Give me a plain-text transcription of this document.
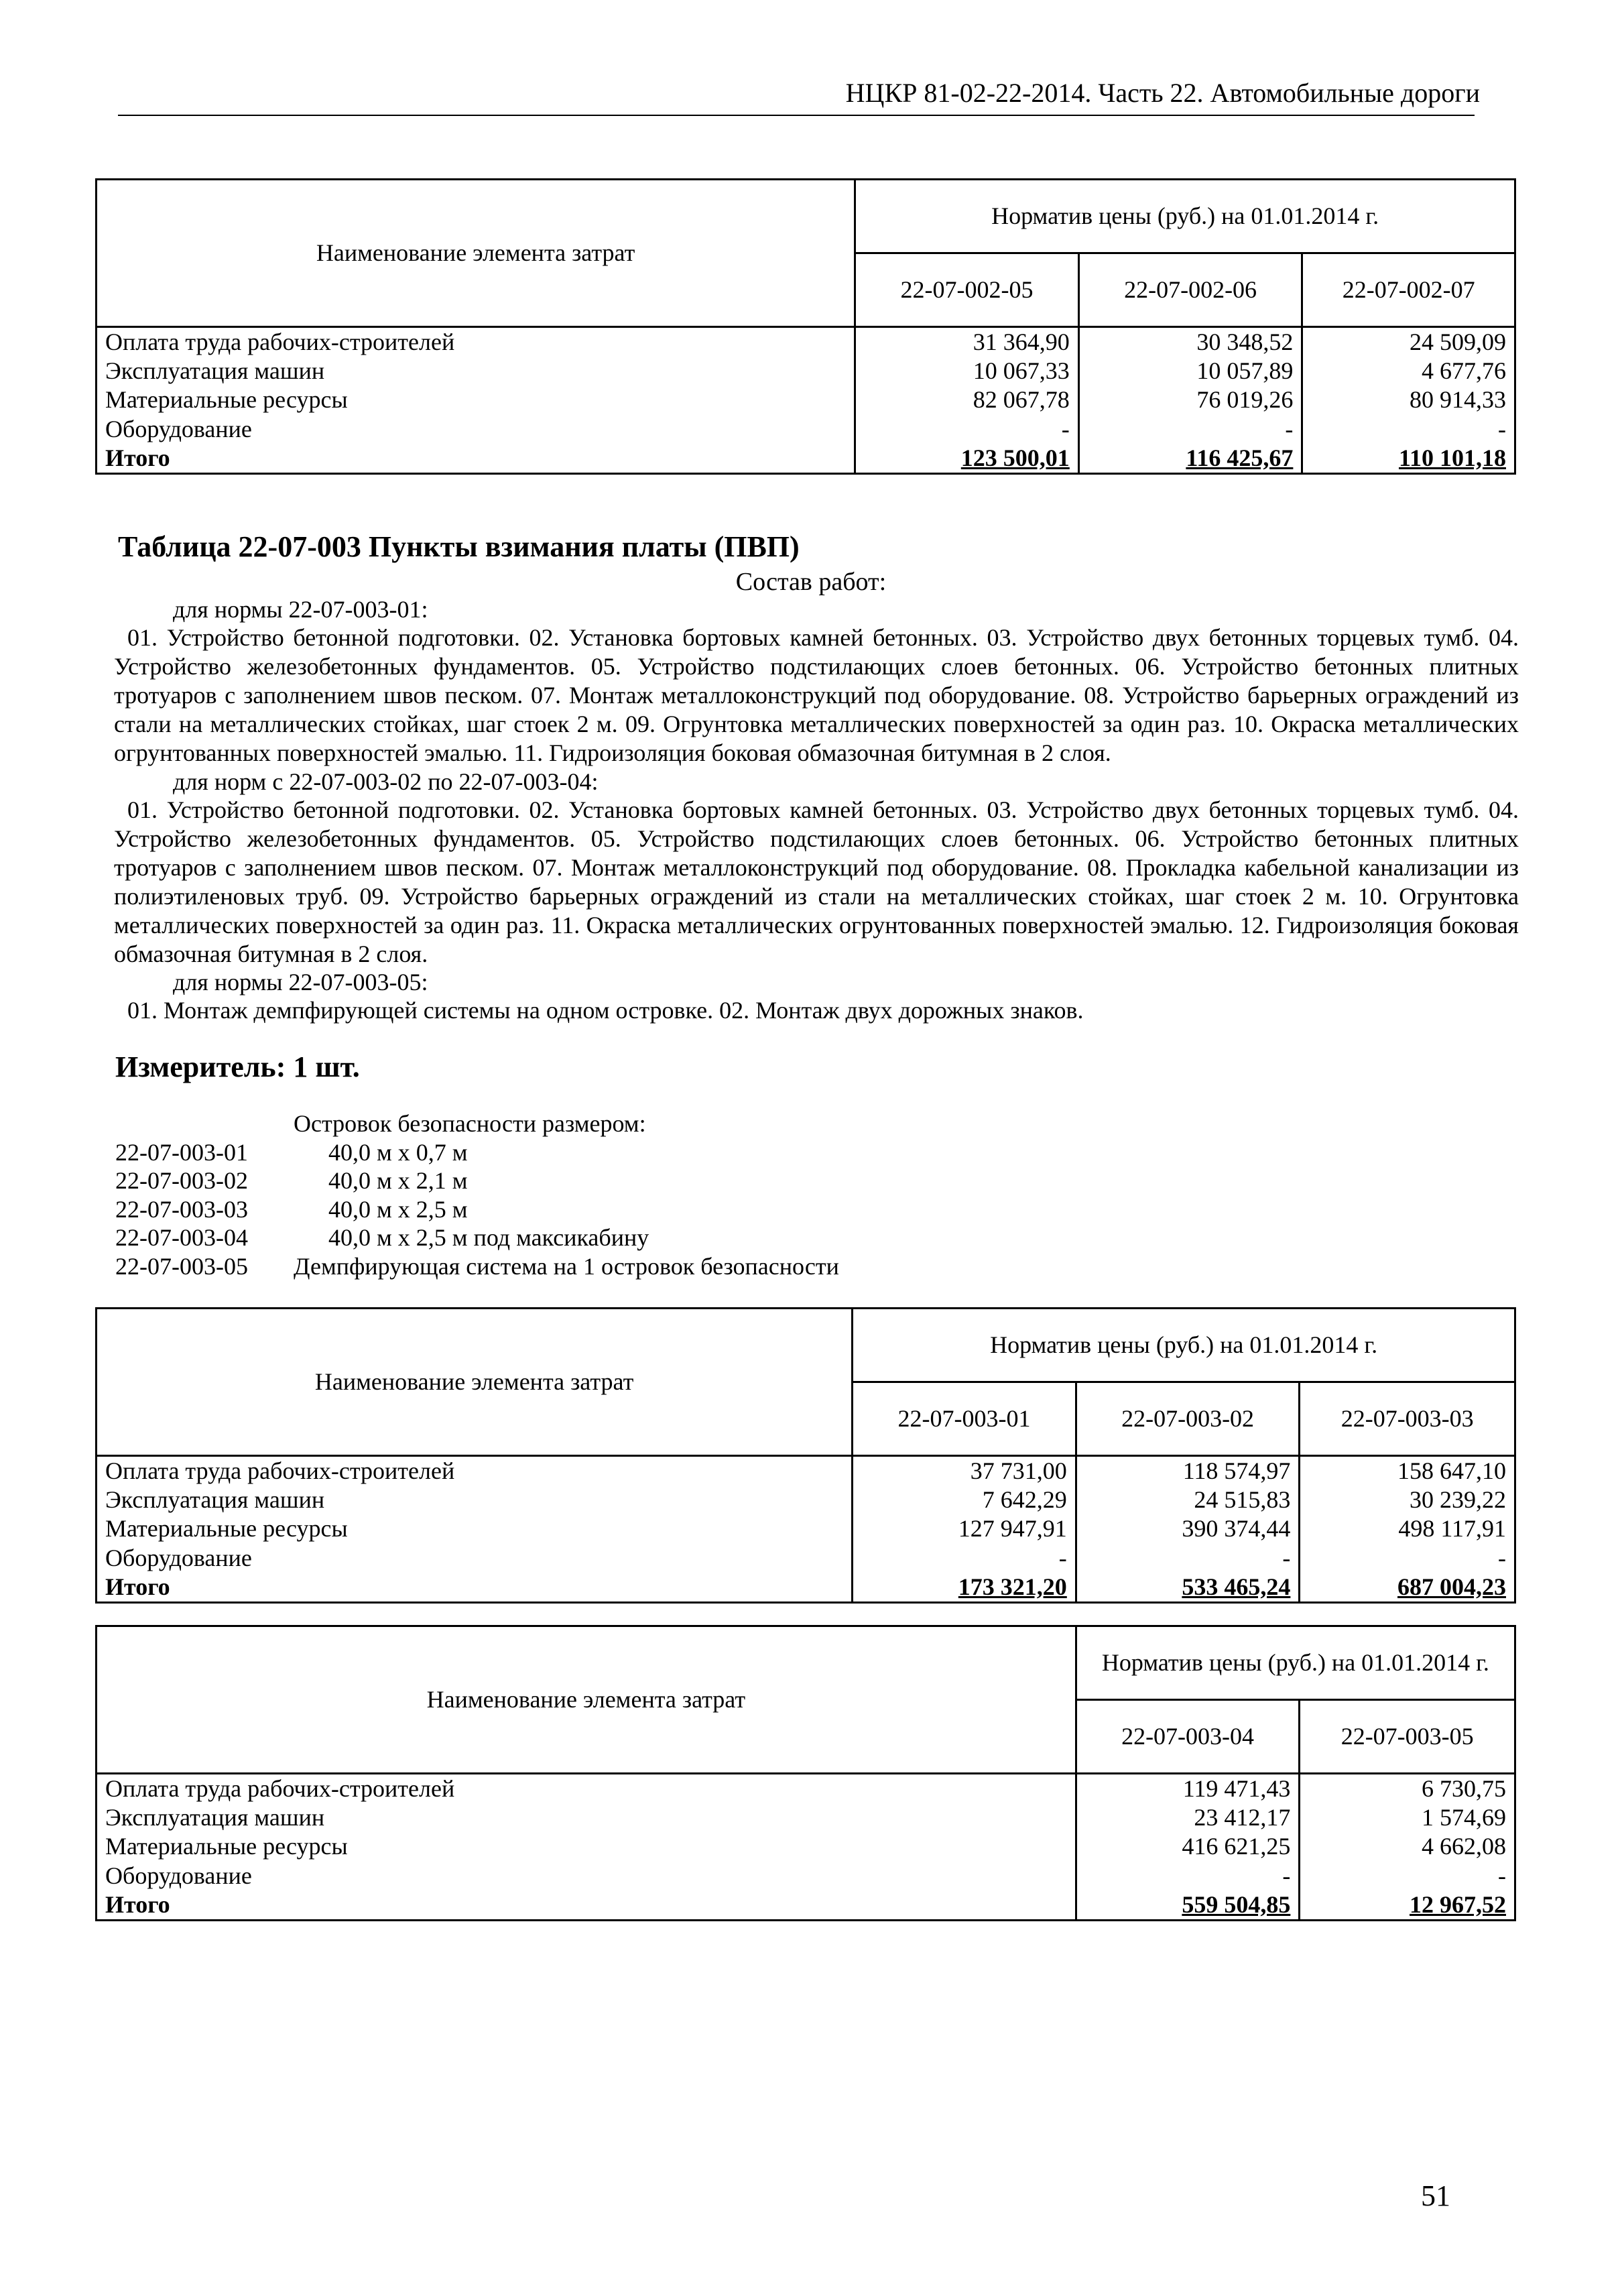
НЦКР 81-02-22-2014. Часть 22. Автомобильные дороги
Наименование элемента затрат	Норматив цены (руб.) на 01.01.2014 г.		
	22-07-002-05	22-07-002-06	22-07-002-07
Оплата труда рабочих-строителей	31 364,90	30 348,52	24 509,09
Эксплуатация машин	10 067,33	10 057,89	4 677,76
Материальные ресурсы	82 067,78	76 019,26	80 914,33
Оборудование	-	-	-
Итого	123 500,01	116 425,67	110 101,18
Таблица 22-07-003 Пункты взимания платы (ПВП)
Состав работ:
для нормы 22-07-003-01:
01. Устройство бетонной подготовки. 02. Установка бортовых камней бетонных. 03. Устройство двух бетонных торцевых тумб. 04. Устройство железобетонных фундаментов. 05. Устройство подстилающих слоев бетонных. 06. Устройство бетонных плитных тротуаров с заполнением швов песком. 07. Монтаж металлоконструкций под оборудование. 08. Устройство барьерных ограждений из стали на металлических стойках, шаг стоек 2 м. 09. Огрунтовка металлических поверхностей за один раз. 10. Окраска металлических огрунтованных поверхностей эмалью. 11. Гидроизоляция боковая обмазочная битумная в 2 слоя.
для норм с 22-07-003-02 по 22-07-003-04:
01. Устройство бетонной подготовки. 02. Установка бортовых камней бетонных. 03. Устройство двух бетонных торцевых тумб. 04. Устройство железобетонных фундаментов. 05. Устройство подстилающих слоев бетонных. 06. Устройство бетонных плитных тротуаров с заполнением швов песком. 07. Монтаж металлоконструкций под оборудование. 08. Прокладка кабельной канализации из полиэтиленовых труб. 09. Устройство барьерных ограждений из стали на металлических стойках, шаг стоек 2 м. 10. Огрунтовка металлических поверхностей за один раз. 11. Окраска металлических огрунтованных поверхностей эмалью. 12. Гидроизоляция боковая обмазочная битумная в 2 слоя.
для нормы 22-07-003-05:
01. Монтаж демпфирующей системы на одном островке. 02. Монтаж двух дорожных знаков.
Измеритель: 1 шт.
Островок безопасности размером:
22-07-003-01	40,0 м х 0,7 м
22-07-003-02	40,0 м х 2,1 м
22-07-003-03	40,0 м х 2,5 м
22-07-003-04	40,0 м х 2,5 м под максикабину
22-07-003-05	Демпфирующая система на 1 островок безопасности
Наименование элемента затрат	Норматив цены (руб.) на 01.01.2014 г.		
	22-07-003-01	22-07-003-02	22-07-003-03
Оплата труда рабочих-строителей	37 731,00	118 574,97	158 647,10
Эксплуатация машин	7 642,29	24 515,83	30 239,22
Материальные ресурсы	127 947,91	390 374,44	498 117,91
Оборудование	-	-	-
Итого	173 321,20	533 465,24	687 004,23
Наименование элемента затрат	Норматив цены (руб.) на 01.01.2014 г.	
	22-07-003-04	22-07-003-05
Оплата труда рабочих-строителей	119 471,43	6 730,75
Эксплуатация машин	23 412,17	1 574,69
Материальные ресурсы	416 621,25	4 662,08
Оборудование	-	-
Итого	559 504,85	12 967,52
51
